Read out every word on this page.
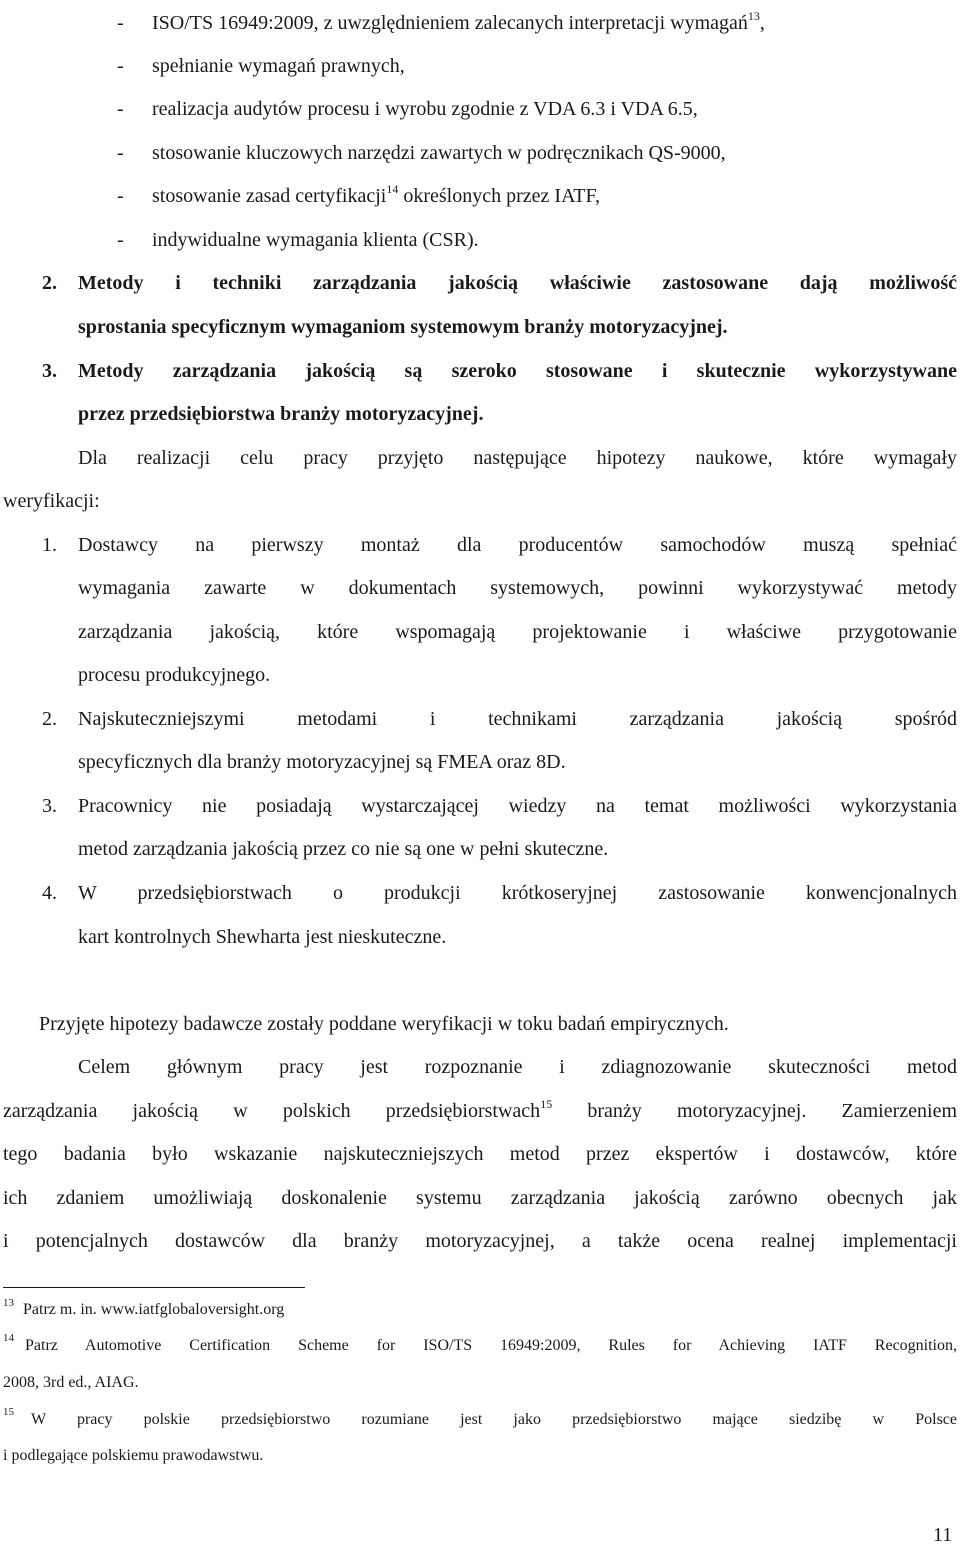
- ISO/TS 16949:2009, z uwzględnieniem zalecanych interpretacji wymagań$^{13}$,
- spełnianie wymagań prawnych,
- realizacja audytów procesu i wyrobu zgodnie z VDA 6.3 i VDA 6.5,
- stosowanie kluczowych narzędzi zawartych w podręcznikach QS-9000,
- stosowanie zasad certyfikacji$^{14}$ określonych przez IATF,
- indywidualne wymagania klienta (CSR).
2. Metody i techniki zarządzania jakością właściwie zastosowane dają możliwość
sprostania specyficznym wymaganiom systemowym branży motoryzacyjnej.
3. Metody zarządzania jakością są szeroko stosowane i skutecznie wykorzystywane
przez przedsiębiorstwa branży motoryzacyjnej.
Dla realizacji celu pracy przyjęto następujące hipotezy naukowe, które wymagały
weryfikacji:
1. Dostawcy na pierwszy montaż dla producentów samochodów muszą spełniać
wymagania zawarte w dokumentach systemowych, powinni wykorzystywać metody
zarządzania jakością, które wspomagają projektowanie i właściwe przygotowanie
procesu produkcyjnego.
2. Najskuteczniejszymi metodami i technikami zarządzania jakością spośród
specyficznych dla branży motoryzacyjnej są FMEA oraz 8D.
3. Pracownicy nie posiadają wystarczającej wiedzy na temat możliwości wykorzystania
metod zarządzania jakością przez co nie są one w pełni skuteczne.
4. W przedsiębiorstwach o produkcji krótkoseryjnej zastosowanie konwencjonalnych
kart kontrolnych Shewharta jest nieskuteczne.
Przyjęte hipotezy badawcze zostały poddane weryfikacji w toku badań empirycznych.
Celem głównym pracy jest rozpoznanie i zdiagnozowanie skuteczności metod
zarządzania jakością w polskich przedsiębiorstwach$^{15}$ branży motoryzacyjnej. Zamierzeniem
tego badania było wskazanie najskuteczniejszych metod przez ekspertów i dostawców, które
ich zdaniem umożliwiają doskonalenie systemu zarządzania jakością zarówno obecnych jak
i potencjalnych dostawców dla branży motoryzacyjnej, a także ocena realnej implementacji
13 Patrz m. in. www.iatfglobaloversight.org
14 Patrz Automotive Certification Scheme for ISO/TS 16949:2009, Rules for Achieving IATF Recognition,
2008, 3rd ed., AIAG.
15 W pracy polskie przedsiębiorstwo rozumiane jest jako przedsiębiorstwo mające siedzibę w Polsce
i podlegające polskiemu prawodawstwu.
11
